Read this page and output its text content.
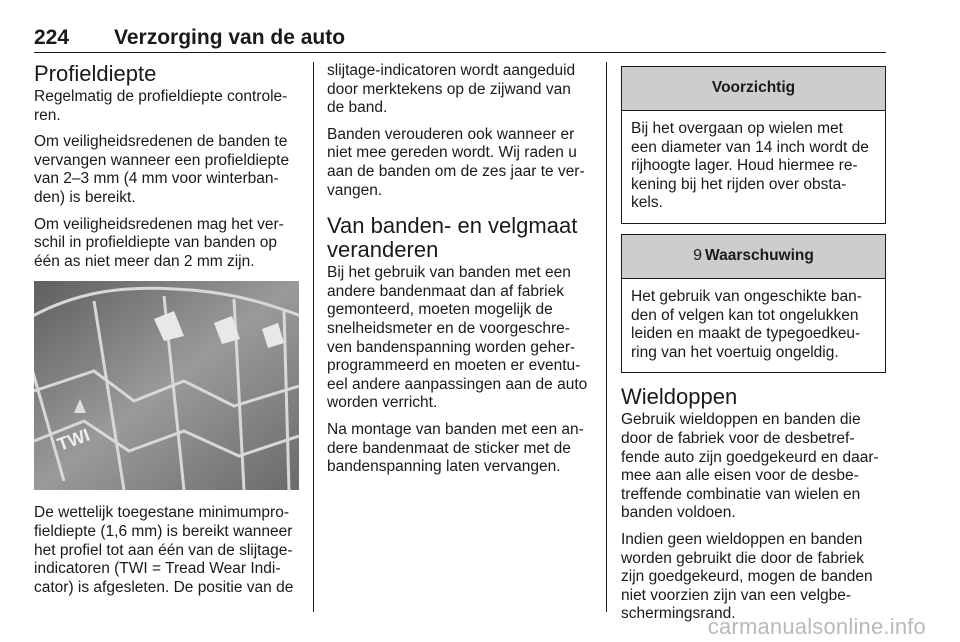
224 Verzorging van de auto
Profieldiepte

Regelmatig de profieldiepte controle-
ren.

Om veiligheidsredenen de banden te
vervangen wanneer een profieldiepte
van 2–3 mm (4 mm voor winterban-
den) is bereikt.

Om veiligheidsredenen mag het ver-
schil in profieldiepte van banden op
één as niet meer dan 2 mm zijn.

TWI

De wettelijk toegestane minimumpro-
fieldiepte (1,6 mm) is bereikt wanneer
het profiel tot aan één van de slijtage-
indicatoren (TWI = Tread Wear Indi-
cator) is afgesleten. De positie van de

slijtage-indicatoren wordt aangeduid
door merktekens op de zijwand van
de band.

Banden verouderen ook wanneer er
niet mee gereden wordt. Wij raden u
aan de banden om de zes jaar te ver-
vangen.

Van banden- en velgmaat
veranderen

Bij het gebruik van banden met een
andere bandenmaat dan af fabriek
gemonteerd, moeten mogelijk de
snelheidsmeter en de voorgeschre-
ven bandenspanning worden geher-
programmeerd en moeten er eventu-
eel andere aanpassingen aan de auto
worden verricht.

Na montage van banden met een an-
dere bandenmaat de sticker met de
bandenspanning laten vervangen.

Voorzichtig
Bij het overgaan op wielen met
een diameter van 14 inch wordt de
rijhoogte lager. Houd hiermee re-
kening bij het rijden over obsta-
kels.
9 Waarschuwing
Het gebruik van ongeschikte ban-
den of velgen kan tot ongelukken
leiden en maakt de typegoedkeu-
ring van het voertuig ongeldig.
Wieldoppen

Gebruik wieldoppen en banden die
door de fabriek voor de desbetref-
fende auto zijn goedgekeurd en daar-
mee aan alle eisen voor de desbe-
treffende combinatie van wielen en
banden voldoen.

Indien geen wieldoppen en banden
worden gebruikt die door de fabriek
zijn goedgekeurd, mogen de banden
niet voorzien zijn van een velgbe-
schermingsrand.

carmanualsonline.info
